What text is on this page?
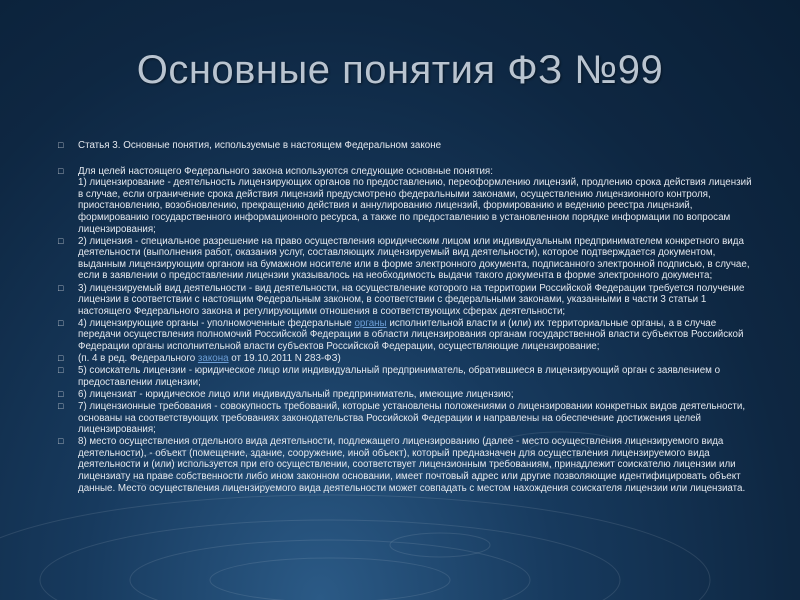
Основные понятия ФЗ №99
□	Статья 3. Основные понятия, используемые в настоящем Федеральном законе
□	Для целей настоящего Федерального закона используются следующие основные понятия:
1) лицензирование - деятельность лицензирующих органов по предоставлению, переоформлению лицензий, продлению срока действия лицензий в случае, если ограничение срока действия лицензий предусмотрено федеральными законами, осуществлению лицензионного контроля, приостановлению, возобновлению, прекращению действия и аннулированию лицензий, формированию и ведению реестра лицензий, формированию государственного информационного ресурса, а также по предоставлению в установленном порядке информации по вопросам лицензирования;
□	2) лицензия - специальное разрешение на право осуществления юридическим лицом или индивидуальным предпринимателем конкретного вида деятельности (выполнения работ, оказания услуг, составляющих лицензируемый вид деятельности), которое подтверждается документом, выданным лицензирующим органом на бумажном носителе или в форме электронного документа, подписанного электронной подписью, в случае, если в заявлении о предоставлении лицензии указывалось на необходимость выдачи такого документа в форме электронного документа;
□	3) лицензируемый вид деятельности - вид деятельности, на осуществление которого на территории Российской Федерации требуется получение лицензии в соответствии с настоящим Федеральным законом, в соответствии с федеральными законами, указанными в части 3 статьи 1 настоящего Федерального закона и регулирующими отношения в соответствующих сферах деятельности;
□	4) лицензирующие органы - уполномоченные федеральные органы исполнительной власти и (или) их территориальные органы, а в случае передачи осуществления полномочий Российской Федерации в области лицензирования органам государственной власти субъектов Российской Федерации органы исполнительной власти субъектов Российской Федерации, осуществляющие лицензирование;
□	(п. 4 в ред. Федерального закона от 19.10.2011 N 283-ФЗ)
□	5) соискатель лицензии - юридическое лицо или индивидуальный предприниматель, обратившиеся в лицензирующий орган с заявлением о предоставлении лицензии;
□	6) лицензиат - юридическое лицо или индивидуальный предприниматель, имеющие лицензию;
□	7) лицензионные требования - совокупность требований, которые установлены положениями о лицензировании конкретных видов деятельности, основаны на соответствующих требованиях законодательства Российской Федерации и направлены на обеспечение достижения целей лицензирования;
□	8) место осуществления отдельного вида деятельности, подлежащего лицензированию (далее - место осуществления лицензируемого вида деятельности), - объект (помещение, здание, сооружение, иной объект), который предназначен для осуществления лицензируемого вида деятельности и (или) используется при его осуществлении, соответствует лицензионным требованиям, принадлежит соискателю лицензии или лицензиату на праве собственности либо ином законном основании, имеет почтовый адрес или другие позволяющие идентифицировать объект данные. Место осуществления лицензируемого вида деятельности может совпадать с местом нахождения соискателя лицензии или лицензиата.
